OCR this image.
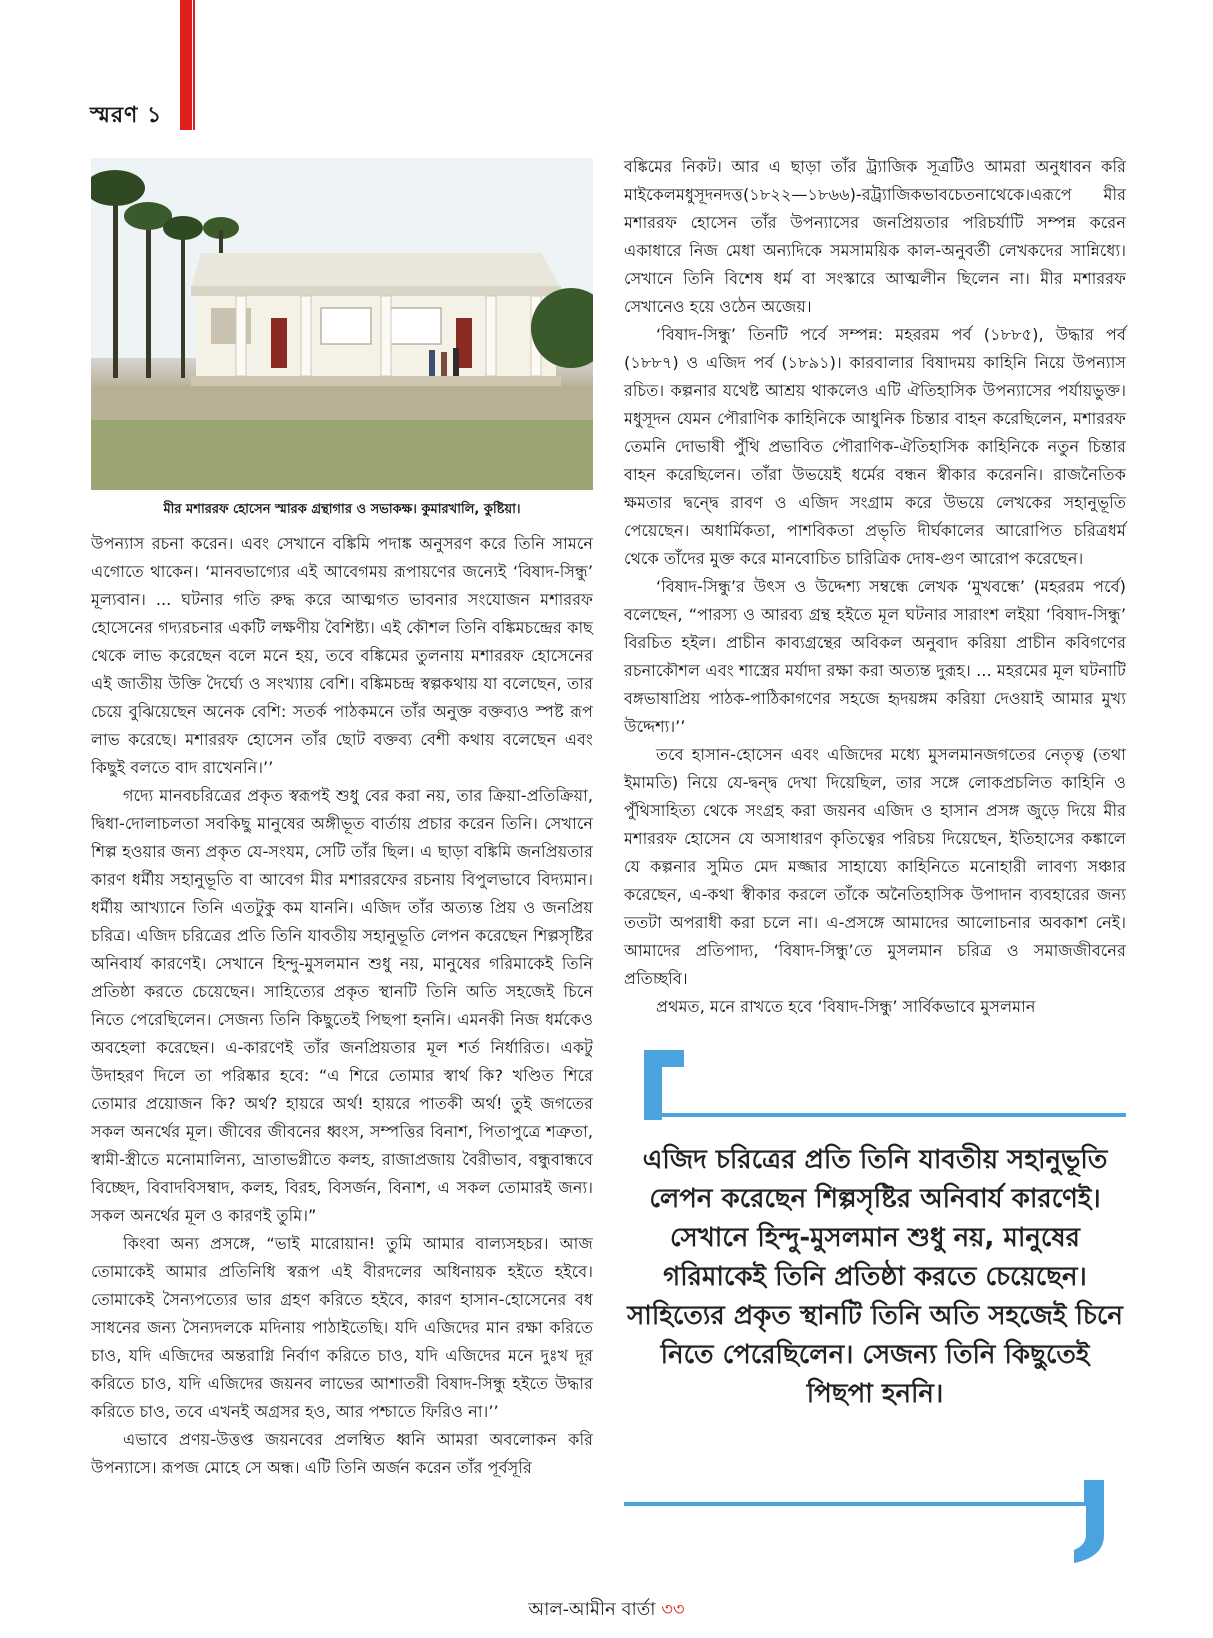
স্মরণ ১
মীর মশাররফ হোসেন স্মারক গ্রন্থাগার ও সভাকক্ষ। কুমারখালি, কুষ্টিয়া।

উপন্যাস রচনা করেন। এবং সেখানে বঙ্কিমি পদাঙ্ক অনুসরণ করে তিনি সামনে এগোতে থাকেন। ‘মানবভাগ্যের এই আবেগময় রূপায়ণের জন্যেই ‘বিষাদ-সিন্ধু’ মূল্যবান। ... ঘটনার গতি রুদ্ধ করে আত্মগত ভাবনার সংযোজন মশাররফ হোসেনের গদ্যরচনার একটি লক্ষণীয় বৈশিষ্ট্য। এই কৌশল তিনি বঙ্কিমচন্দ্রের কাছ থেকে লাভ করেছেন বলে মনে হয়, তবে বঙ্কিমের তুলনায় মশাররফ হোসেনের এই জাতীয় উক্তি দৈর্ঘ্যে ও সংখ্যায় বেশি। বঙ্কিমচন্দ্র স্বল্পকথায় যা বলেছেন, তার চেয়ে বুঝিয়েছেন অনেক বেশি: সতর্ক পাঠকমনে তাঁর অনুক্ত বক্তব্যও স্পষ্ট রূপ লাভ করেছে। মশাররফ হোসেন তাঁর ছোট বক্তব্য বেশী কথায় বলেছেন এবং কিছুই বলতে বাদ রাখেননি।’’

গদ্যে মানবচরিত্রের প্রকৃত স্বরূপই শুধু বের করা নয়, তার ক্রিয়া-প্রতিক্রিয়া, দ্বিধা-দোলাচলতা সবকিছু মানুষের অঙ্গীভূত বার্তায় প্রচার করেন তিনি। সেখানে শিল্প হওয়ার জন্য প্রকৃত যে-সংযম, সেটি তাঁর ছিল। এ ছাড়া বঙ্কিমি জনপ্রিয়তার কারণ ধর্মীয় সহানুভূতি বা আবেগ মীর মশাররফের রচনায় বিপুলভাবে বিদ্যমান। ধর্মীয় আখ্যানে তিনি এতটুকু কম যাননি। এজিদ তাঁর অত্যন্ত প্রিয় ও জনপ্রিয় চরিত্র। এজিদ চরিত্রের প্রতি তিনি যাবতীয় সহানুভূতি লেপন করেছেন শিল্পসৃষ্টির অনিবার্য কারণেই। সেখানে হিন্দু-মুসলমান শুধু নয়, মানুষের গরিমাকেই তিনি প্রতিষ্ঠা করতে চেয়েছেন। সাহিত্যের প্রকৃত স্থানটি তিনি অতি সহজেই চিনে নিতে পেরেছিলেন। সেজন্য তিনি কিছুতেই পিছপা হননি। এমনকী নিজ ধর্মকেও অবহেলা করেছেন। এ-কারণেই তাঁর জনপ্রিয়তার মূল শর্ত নির্ধারিত। একটু উদাহরণ দিলে তা পরিষ্কার হবে: “এ শিরে তোমার স্বার্থ কি? খণ্ডিত শিরে তোমার প্রয়োজন কি? অর্থ? হায়রে অর্থ! হায়রে পাতকী অর্থ! তুই জগতের সকল অনর্থের মূল। জীবের জীবনের ধ্বংস, সম্পত্তির বিনাশ, পিতাপুত্রে শত্রুতা, স্বামী-স্ত্রীতে মনোমালিন্য, ভ্রাতাভগ্নীতে কলহ, রাজাপ্রজায় বৈরীভাব, বন্ধুবান্ধবে বিচ্ছেদ, বিবাদবিসম্বাদ, কলহ, বিরহ, বিসর্জন, বিনাশ, এ সকল তোমারই জন্য। সকল অনর্থের মূল ও কারণই তুমি।”

কিংবা অন্য প্রসঙ্গে, “ভাই মারোয়ান! তুমি আমার বাল্যসহচর। আজ তোমাকেই আমার প্রতিনিধি স্বরূপ এই বীরদলের অধিনায়ক হইতে হইবে। তোমাকেই সৈন্যপত্যের ভার গ্রহণ করিতে হইবে, কারণ হাসান-হোসেনের বধ সাধনের জন্য সৈন্যদলকে মদিনায় পাঠাইতেছি। যদি এজিদের মান রক্ষা করিতে চাও, যদি এজিদের অন্তরাগ্নি নির্বাণ করিতে চাও, যদি এজিদের মনে দুঃখ দূর করিতে চাও, যদি এজিদের জয়নব লাভের আশাতরী বিষাদ-সিন্ধু হইতে উদ্ধার করিতে চাও, তবে এখনই অগ্রসর হও, আর পশ্চাতে ফিরিও না।’’

এভাবে প্রণয়-উত্তপ্ত জয়নবের প্রলম্বিত ধ্বনি আমরা অবলোকন করি উপন্যাসে। রূপজ মোহে সে অন্ধ। এটি তিনি অর্জন করেন তাঁর পূর্বসূরি

বঙ্কিমের নিকট। আর এ ছাড়া তাঁর ট্র্যাজিক সূত্রটিও আমরা অনুধাবন করি মাইকেলমধুসূদনদত্ত(১৮২২—১৮৬৬)-রট্র্যাজিকভাবচেতনাথেকে।এরূপে মীর মশাররফ হোসেন তাঁর উপন্যাসের জনপ্রিয়তার পরিচর্যাটি সম্পন্ন করেন একাধারে নিজ মেধা অন্যদিকে সমসাময়িক কাল-অনুবর্তী লেখকদের সান্নিধ্যে। সেখানে তিনি বিশেষ ধর্ম বা সংস্কারে আত্মলীন ছিলেন না। মীর মশাররফ সেখানেও হয়ে ওঠেন অজেয়।

‘বিষাদ-সিন্ধু’ তিনটি পর্বে সম্পন্ন: মহররম পর্ব (১৮৮৫), উদ্ধার পর্ব (১৮৮৭) ও এজিদ পর্ব (১৮৯১)। কারবালার বিষাদময় কাহিনি নিয়ে উপন্যাস রচিত। কল্পনার যথেষ্ট আশ্রয় থাকলেও এটি ঐতিহাসিক উপন্যাসের পর্যায়ভুক্ত। মধুসূদন যেমন পৌরাণিক কাহিনিকে আধুনিক চিন্তার বাহন করেছিলেন, মশাররফ তেমনি দোভাষী পুঁথি প্রভাবিত পৌরাণিক-ঐতিহাসিক কাহিনিকে নতুন চিন্তার বাহন করেছিলেন। তাঁরা উভয়েই ধর্মের বন্ধন স্বীকার করেননি। রাজনৈতিক ক্ষমতার দ্বন্দ্বে রাবণ ও এজিদ সংগ্রাম করে উভয়ে লেখকের সহানুভূতি পেয়েছেন। অধার্মিকতা, পাশবিকতা প্রভৃতি দীর্ঘকালের আরোপিত চরিত্রধর্ম থেকে তাঁদের মুক্ত করে মানবোচিত চারিত্রিক দোষ-গুণ আরোপ করেছেন।

‘বিষাদ-সিন্ধু’র উৎস ও উদ্দেশ্য সম্বন্ধে লেখক ‘মুখবন্ধে’ (মহররম পর্বে) বলেছেন, “পারস্য ও আরব্য গ্রন্থ হইতে মূল ঘটনার সারাংশ লইয়া ‘বিষাদ-সিন্ধু’ বিরচিত হইল। প্রাচীন কাব্যগ্রন্থের অবিকল অনুবাদ করিয়া প্রাচীন কবিগণের রচনাকৌশল এবং শাস্ত্রের মর্যাদা রক্ষা করা অত্যন্ত দুরূহ। ... মহরমের মূল ঘটনাটি বঙ্গভাষাপ্রিয় পাঠক-পাঠিকাগণের সহজে হৃদয়ঙ্গম করিয়া দেওয়াই আমার মুখ্য উদ্দেশ্য।’’

তবে হাসান-হোসেন এবং এজিদের মধ্যে মুসলমানজগতের নেতৃত্ব (তথা ইমামতি) নিয়ে যে-দ্বন্দ্ব দেখা দিয়েছিল, তার সঙ্গে লোকপ্রচলিত কাহিনি ও পুঁথিসাহিত্য থেকে সংগ্রহ করা জয়নব এজিদ ও হাসান প্রসঙ্গ জুড়ে দিয়ে মীর মশাররফ হোসেন যে অসাধারণ কৃতিত্বের পরিচয় দিয়েছেন, ইতিহাসের কঙ্কালে যে কল্পনার সুমিত মেদ মজ্জার সাহায্যে কাহিনিতে মনোহারী লাবণ্য সঞ্চার করেছেন, এ-কথা স্বীকার করলে তাঁকে অনৈতিহাসিক উপাদান ব্যবহারের জন্য ততটা অপরাধী করা চলে না। এ-প্রসঙ্গে আমাদের আলোচনার অবকাশ নেই। আমাদের প্রতিপাদ্য, ‘বিষাদ-সিন্ধু’তে মুসলমান চরিত্র ও সমাজজীবনের প্রতিচ্ছবি।

প্রথমত, মনে রাখতে হবে ‘বিষাদ-সিন্ধু’ সার্বিকভাবে মুসলমান

এজিদ চরিত্রের প্রতি তিনি যাবতীয় সহানুভূতি লেপন করেছেন শিল্পসৃষ্টির অনিবার্য কারণেই। সেখানে হিন্দু-মুসলমান শুধু নয়, মানুষের গরিমাকেই তিনি প্রতিষ্ঠা করতে চেয়েছেন। সাহিত্যের প্রকৃত স্থানটি তিনি অতি সহজেই চিনে নিতে পেরেছিলেন। সেজন্য তিনি কিছুতেই পিছপা হননি।
আল-আমীন বার্তা ৩৩
